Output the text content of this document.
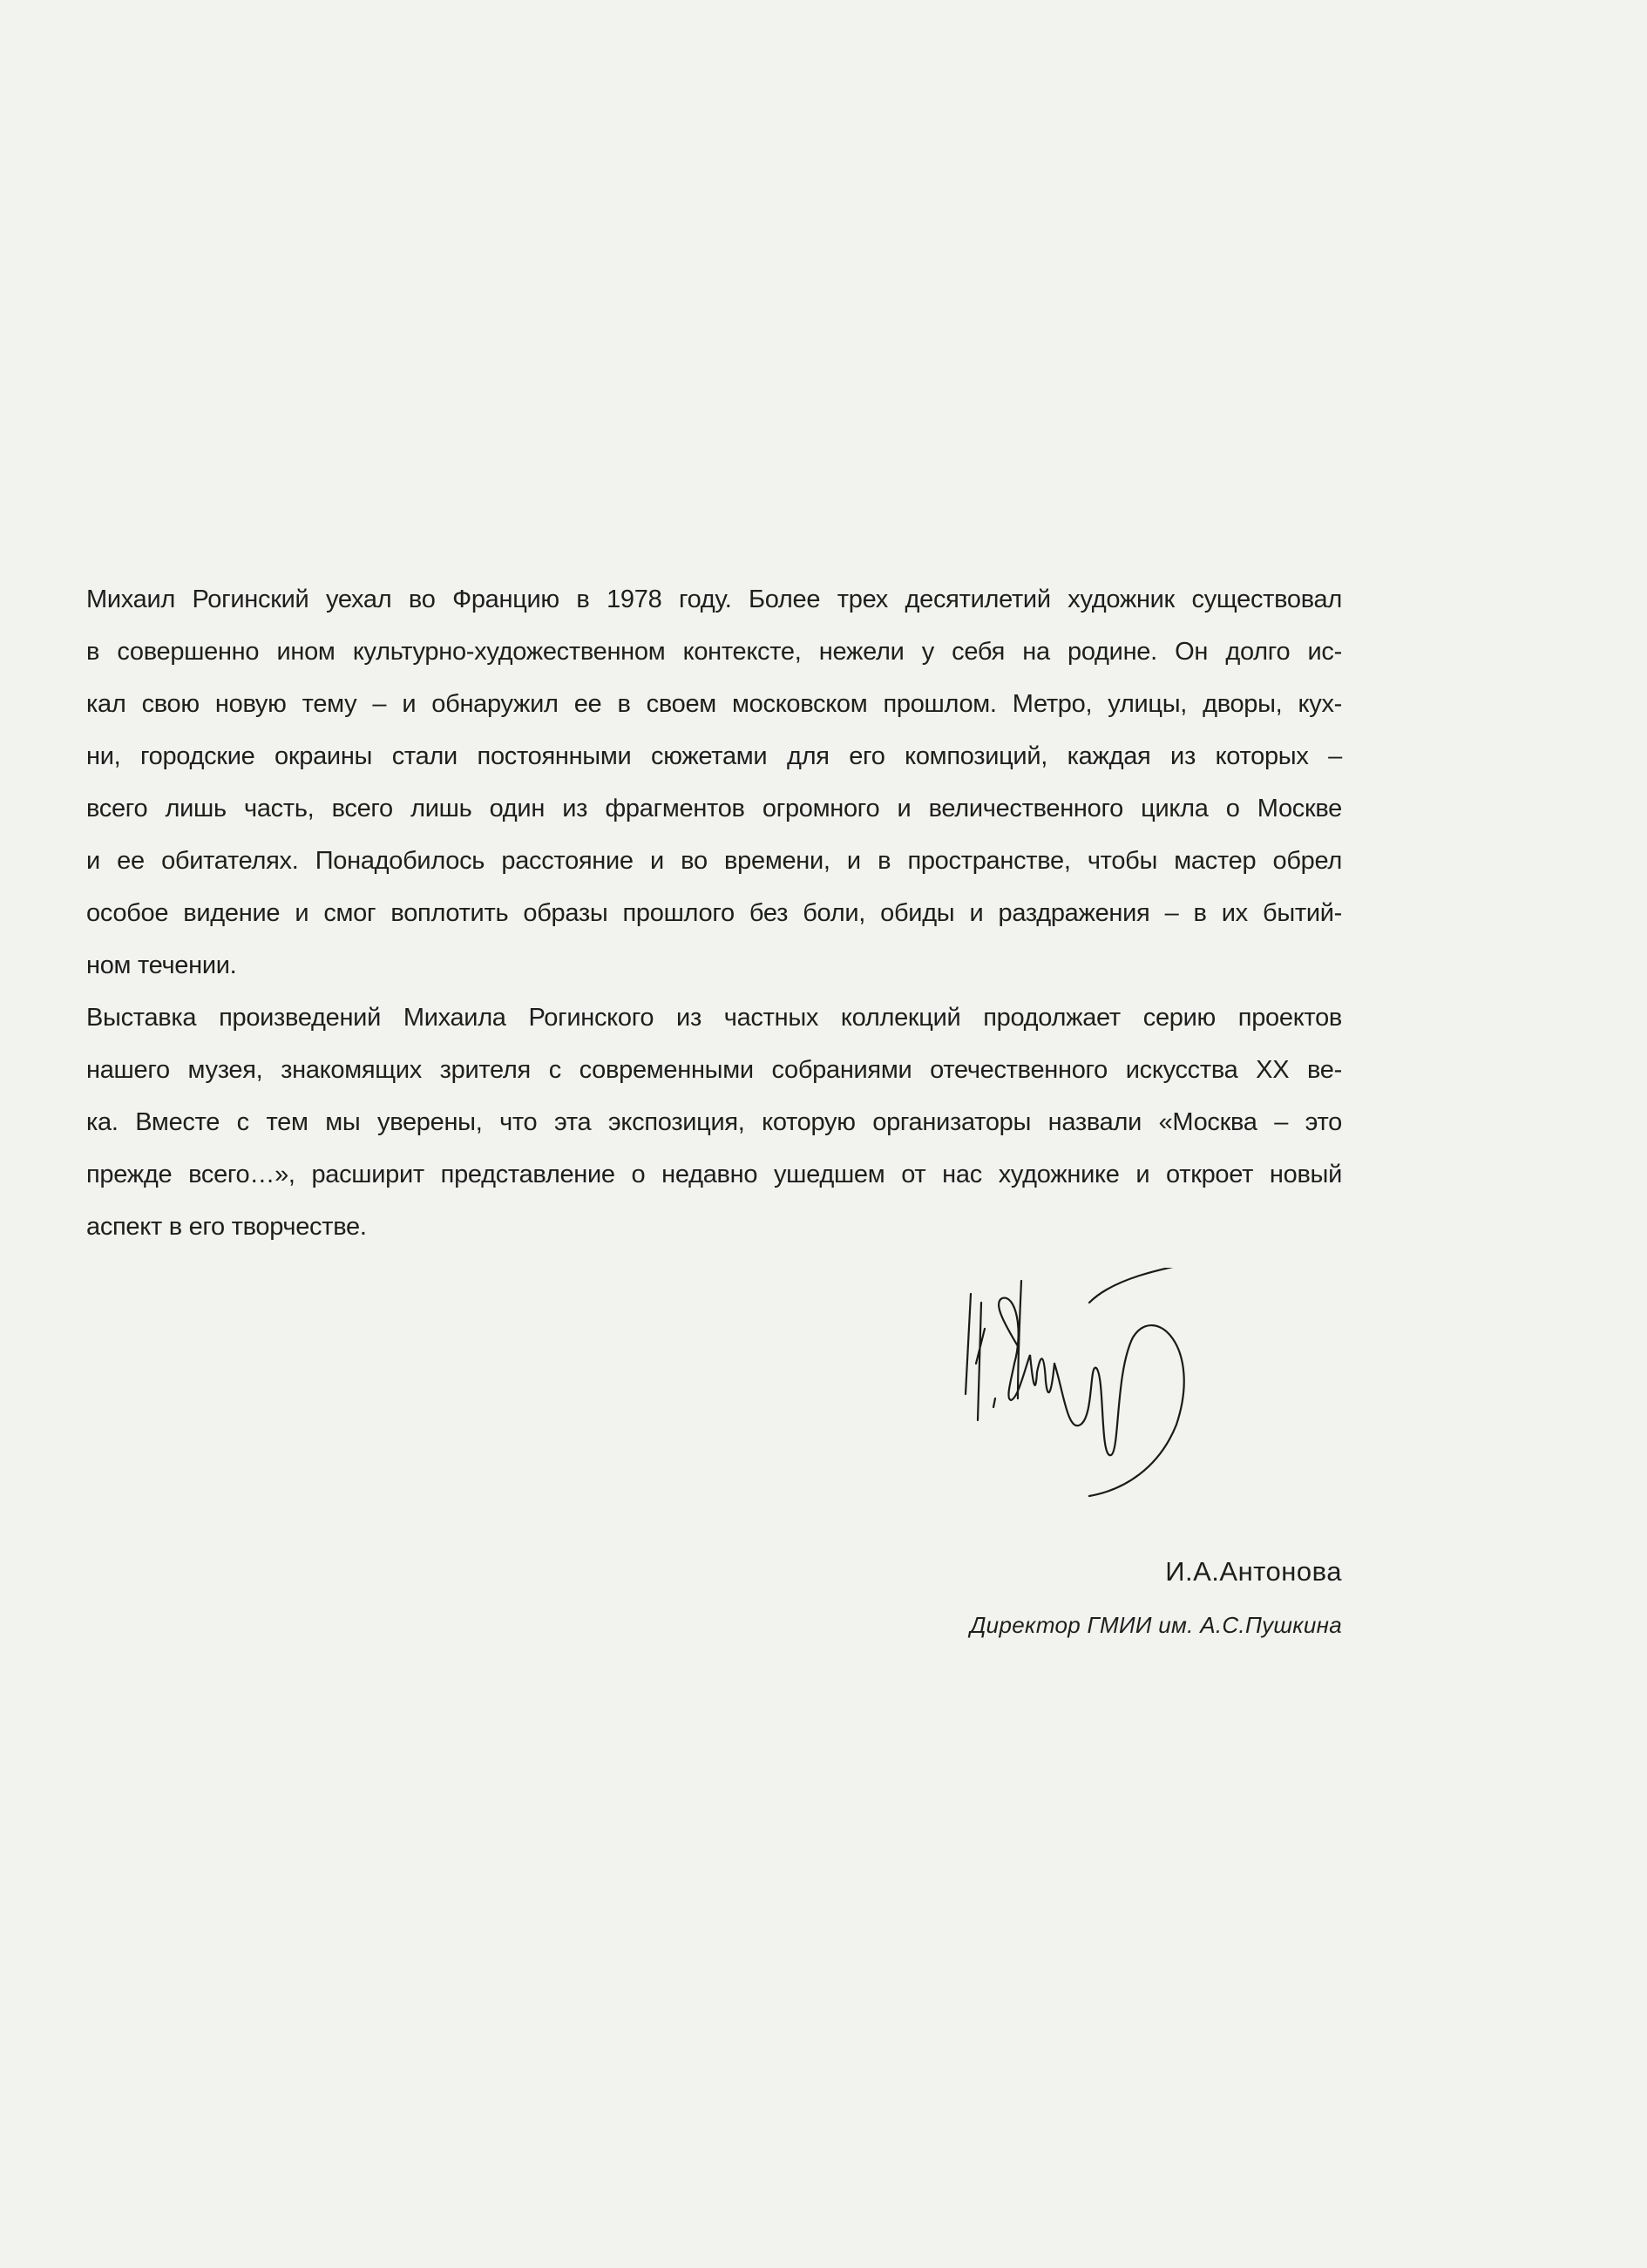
Михаил Рогинский уехал во Францию в 1978 году. Более трех десятилетий художник существовал
в совершенно ином культурно-художественном контексте, нежели у себя на родине. Он долго ис-
кал свою новую тему – и обнаружил ее в своем московском прошлом. Метро, улицы, дворы, кух-
ни, городские окраины стали постоянными сюжетами для его композиций, каждая из которых –
всего лишь часть, всего лишь один из фрагментов огромного и величественного цикла о Москве
и ее обитателях. Понадобилось расстояние и во времени, и в пространстве, чтобы мастер обрел
особое видение и смог воплотить образы прошлого без боли, обиды и раздражения – в их бытий-
ном течении.
Выставка произведений Михаила Рогинского из частных коллекций продолжает серию проектов
нашего музея, знакомящих зрителя с современными собраниями отечественного искусства XX ве-
ка. Вместе с тем мы уверены, что эта экспозиция, которую организаторы назвали «Москва – это
прежде всего…», расширит представление о недавно ушедшем от нас художнике и откроет новый
аспект в его творчестве.
И.А.Антонова
Директор ГМИИ им. А.С.Пушкина
